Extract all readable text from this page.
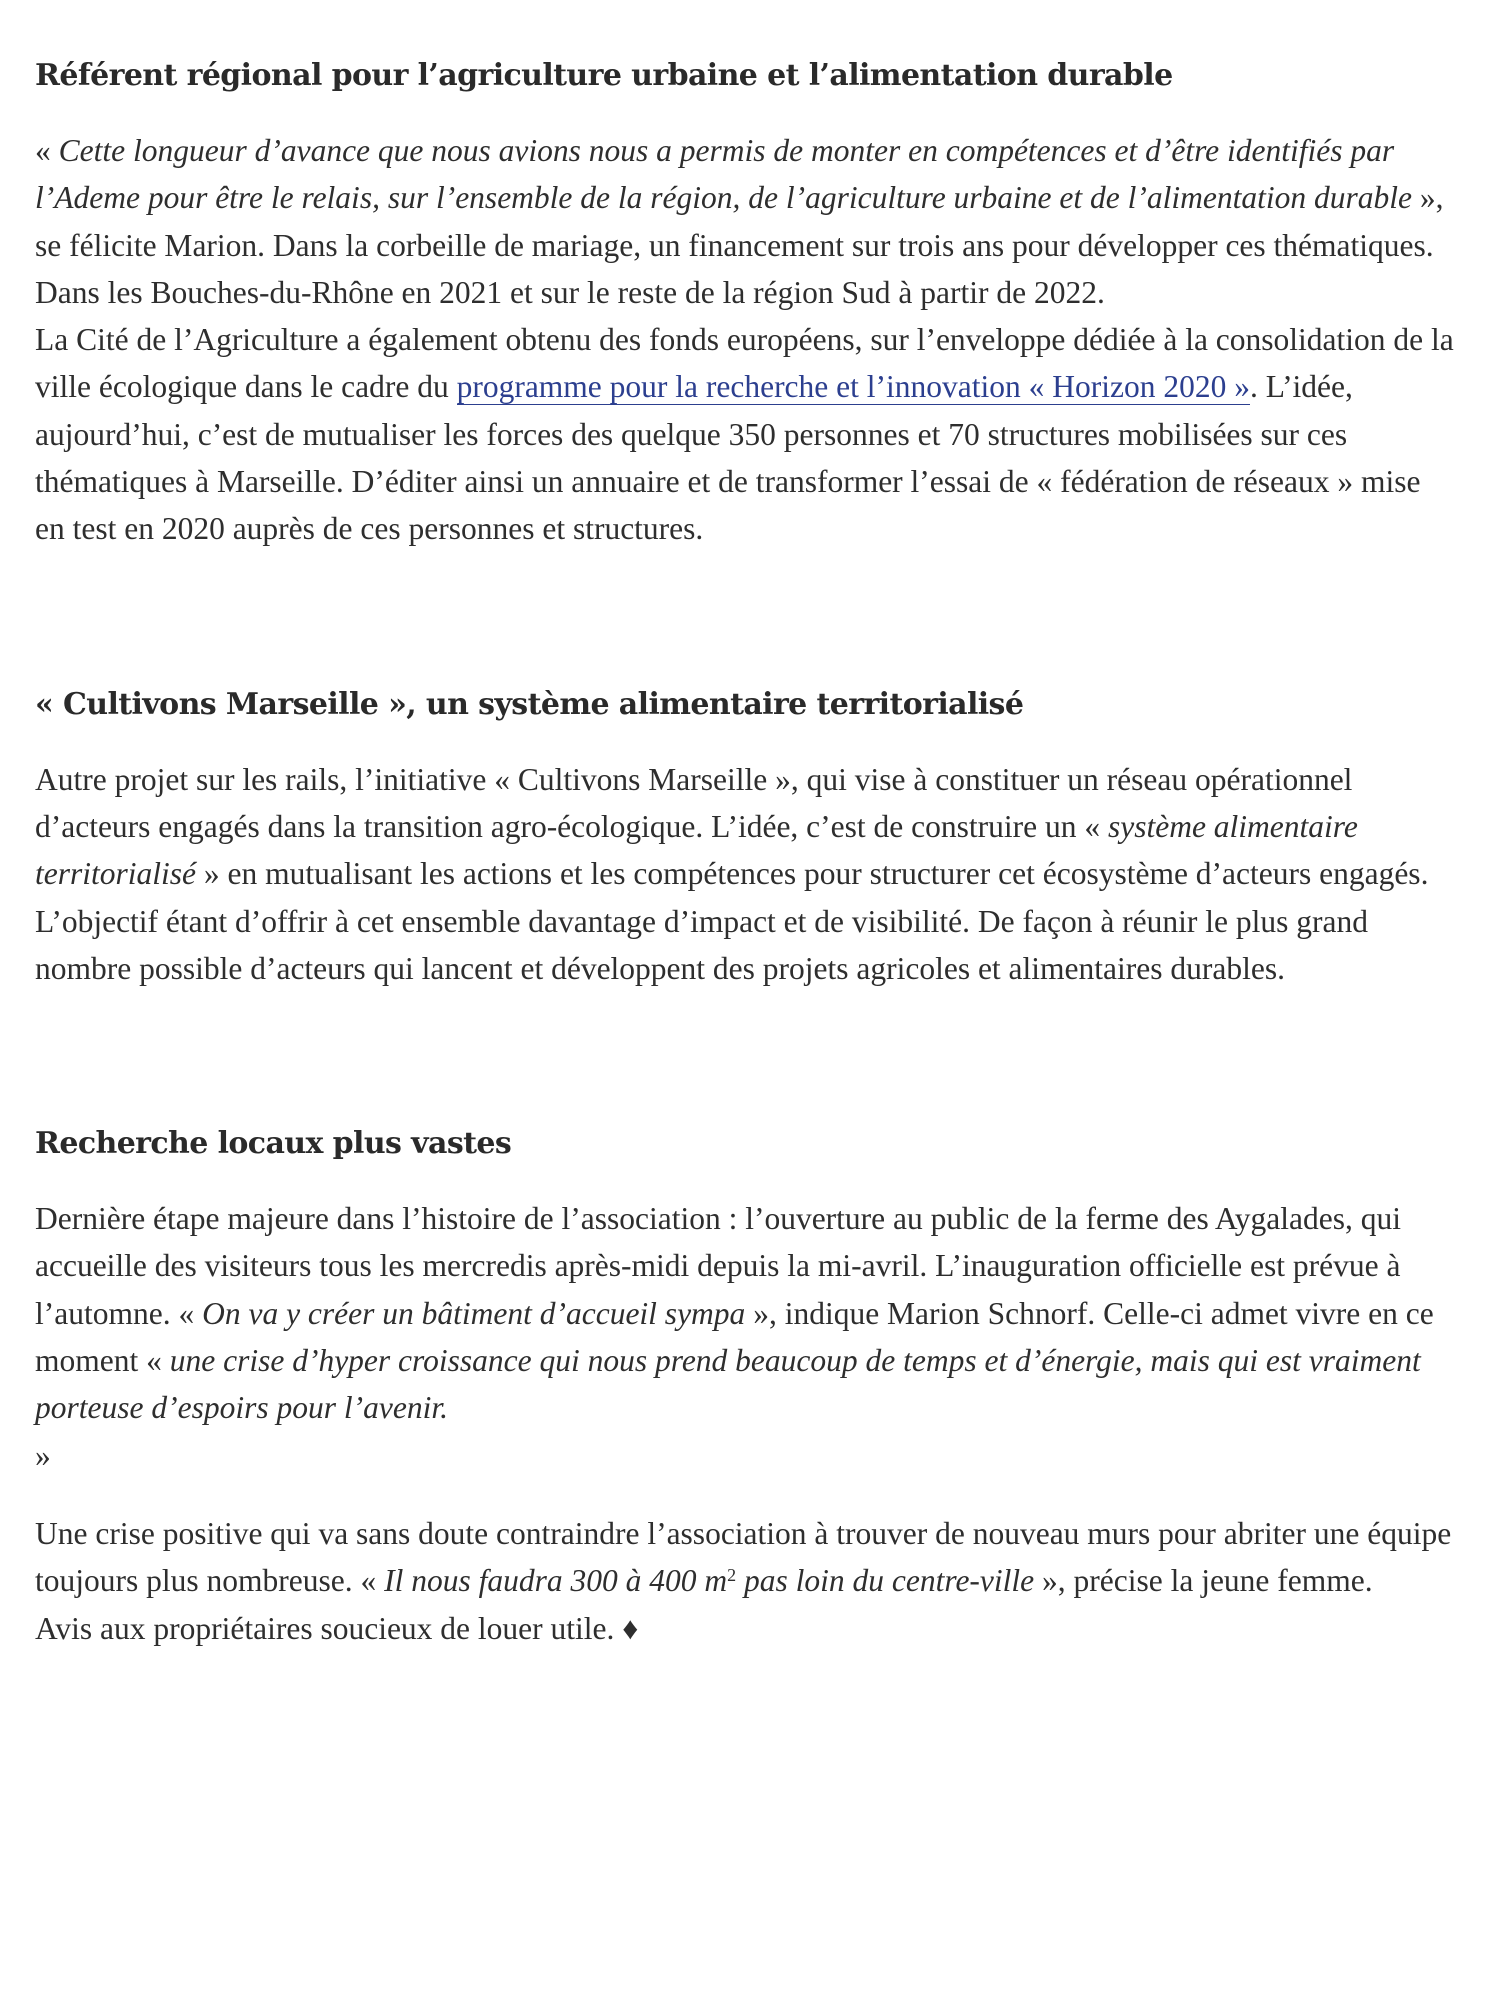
Référent régional pour l’agriculture urbaine et l’alimentation durable

« Cette longueur d’avance que nous avions nous a permis de monter en compétences et d’être identifiés par l’Ademe pour être le relais, sur l’ensemble de la région, de l’agriculture urbaine et de l’alimentation durable », se félicite Marion. Dans la corbeille de mariage, un financement sur trois ans pour développer ces thématiques. Dans les Bouches-du-Rhône en 2021 et sur le reste de la région Sud à partir de 2022.
La Cité de l’Agriculture a également obtenu des fonds européens, sur l’enveloppe dédiée à la consolidation de la ville écologique dans le cadre du programme pour la recherche et l’innovation « Horizon 2020 ». L’idée, aujourd’hui, c’est de mutualiser les forces des quelque 350 personnes et 70 structures mobilisées sur ces thématiques à Marseille. D’éditer ainsi un annuaire et de transformer l’essai de « fédération de réseaux » mise en test en 2020 auprès de ces personnes et structures.

« Cultivons Marseille », un système alimentaire territorialisé

Autre projet sur les rails, l’initiative « Cultivons Marseille », qui vise à constituer un réseau opérationnel d’acteurs engagés dans la transition agro-écologique. L’idée, c’est de construire un « système alimentaire territorialisé » en mutualisant les actions et les compétences pour structurer cet écosystème d’acteurs engagés. L’objectif étant d’offrir à cet ensemble davantage d’impact et de visibilité. De façon à réunir le plus grand nombre possible d’acteurs qui lancent et développent des projets agricoles et alimentaires durables.

Recherche locaux plus vastes

Dernière étape majeure dans l’histoire de l’association : l’ouverture au public de la ferme des Aygalades, qui accueille des visiteurs tous les mercredis après-midi depuis la mi-avril. L’inauguration officielle est prévue à l’automne. « On va y créer un bâtiment d’accueil sympa », indique Marion Schnorf. Celle-ci admet vivre en ce moment « une crise d’hyper croissance qui nous prend beaucoup de temps et d’énergie, mais qui est vraiment porteuse d’espoirs pour l’avenir.
»

Une crise positive qui va sans doute contraindre l’association à trouver de nouveau murs pour abriter une équipe toujours plus nombreuse. « Il nous faudra 300 à 400 $m^2$ pas loin du centre-ville », précise la jeune femme.
Avis aux propriétaires soucieux de louer utile. ♦
